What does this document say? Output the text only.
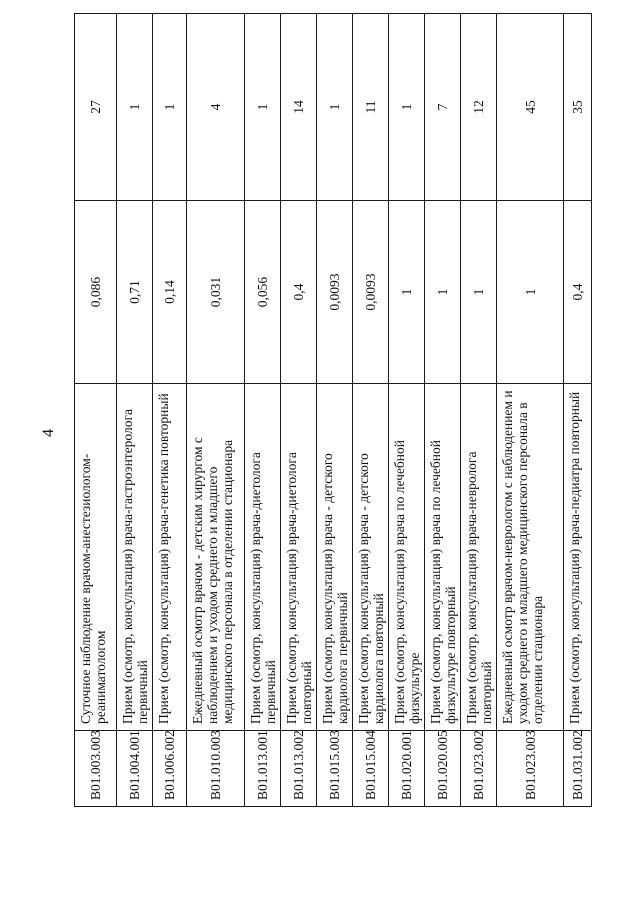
4
B01.003.003	Суточное наблюдение врачом-анестезиологом-реаниматологом	0,086	27
B01.004.001	Прием (осмотр, консультация) врача-гастроэнтеролога первичный	0,71	1
B01.006.002	Прием (осмотр, консультация) врача-генетика повторный	0,14	1
B01.010.003	Ежедневный осмотр врачом - детским хирургом с наблюдением и уходом среднего и младшего медицинского персонала в отделении стационара	0,031	4
B01.013.001	Прием (осмотр, консультация) врача-диетолога первичный	0,056	1
B01.013.002	Прием (осмотр, консультация) врача-диетолога повторный	0,4	14
B01.015.003	Прием (осмотр, консультация) врача - детского кардиолога первичный	0,0093	1
B01.015.004	Прием (осмотр, консультация) врача - детского кардиолога повторный	0,0093	11
B01.020.001	Прием (осмотр, консультация) врача по лечебной физкультуре	1	1
B01.020.005	Прием (осмотр, консультация) врача по лечебной физкультуре повторный	1	7
B01.023.002	Прием (осмотр, консультация) врача-невролога повторный	1	12
B01.023.003	Ежедневный осмотр врачом-неврологом с наблюдением и уходом среднего и младшего медицинского персонала в отделении стационара	1	45
B01.031.002	Прием (осмотр, консультация) врача-педиатра повторный	0,4	35
